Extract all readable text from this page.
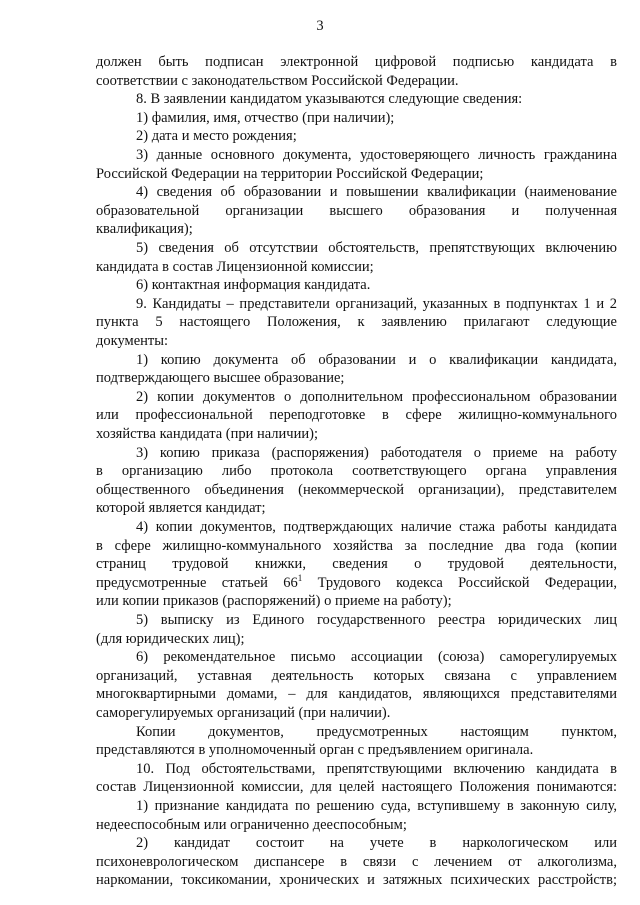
3
должен быть подписан электронной цифровой подписью кандидата в
соответствии с законодательством Российской Федерации.
8. В заявлении кандидатом указываются следующие сведения:
1) фамилия, имя, отчество (при наличии);
2) дата и место рождения;
3) данные основного документа, удостоверяющего личность гражданина
Российской Федерации на территории Российской Федерации;
4) сведения об образовании и повышении квалификации (наименование
образовательной организации высшего образования и полученная
квалификация);
5) сведения об отсутствии обстоятельств, препятствующих включению
кандидата в состав Лицензионной комиссии;
6) контактная информация кандидата.
9. Кандидаты – представители организаций, указанных в подпунктах 1 и 2
пункта 5 настоящего Положения, к заявлению прилагают следующие
документы:
1) копию документа об образовании и о квалификации кандидата,
подтверждающего высшее образование;
2) копии документов о дополнительном профессиональном образовании
или профессиональной переподготовке в сфере жилищно-коммунального
хозяйства кандидата (при наличии);
3) копию приказа (распоряжения) работодателя о приеме на работу
в организацию либо протокола соответствующего органа управления
общественного объединения (некоммерческой организации), представителем
которой является кандидат;
4) копии документов, подтверждающих наличие стажа работы кандидата
в сфере жилищно-коммунального хозяйства за последние два года (копии
страниц трудовой книжки, сведения о трудовой деятельности,
предусмотренные статьей $66^1$ Трудового кодекса Российской Федерации,
или копии приказов (распоряжений) о приеме на работу);
5) выписку из Единого государственного реестра юридических лиц
(для юридических лиц);
6) рекомендательное письмо ассоциации (союза) саморегулируемых
организаций, уставная деятельность которых связана с управлением
многоквартирными домами, – для кандидатов, являющихся представителями
саморегулируемых организаций (при наличии).
Копии документов, предусмотренных настоящим пунктом,
представляются в уполномоченный орган с предъявлением оригинала.
10. Под обстоятельствами, препятствующими включению кандидата в
состав Лицензионной комиссии, для целей настоящего Положения понимаются:
1) признание кандидата по решению суда, вступившему в законную силу,
недееспособным или ограниченно дееспособным;
2) кандидат состоит на учете в наркологическом или
психоневрологическом диспансере в связи с лечением от алкоголизма,
наркомании, токсикомании, хронических и затяжных психических расстройств;
